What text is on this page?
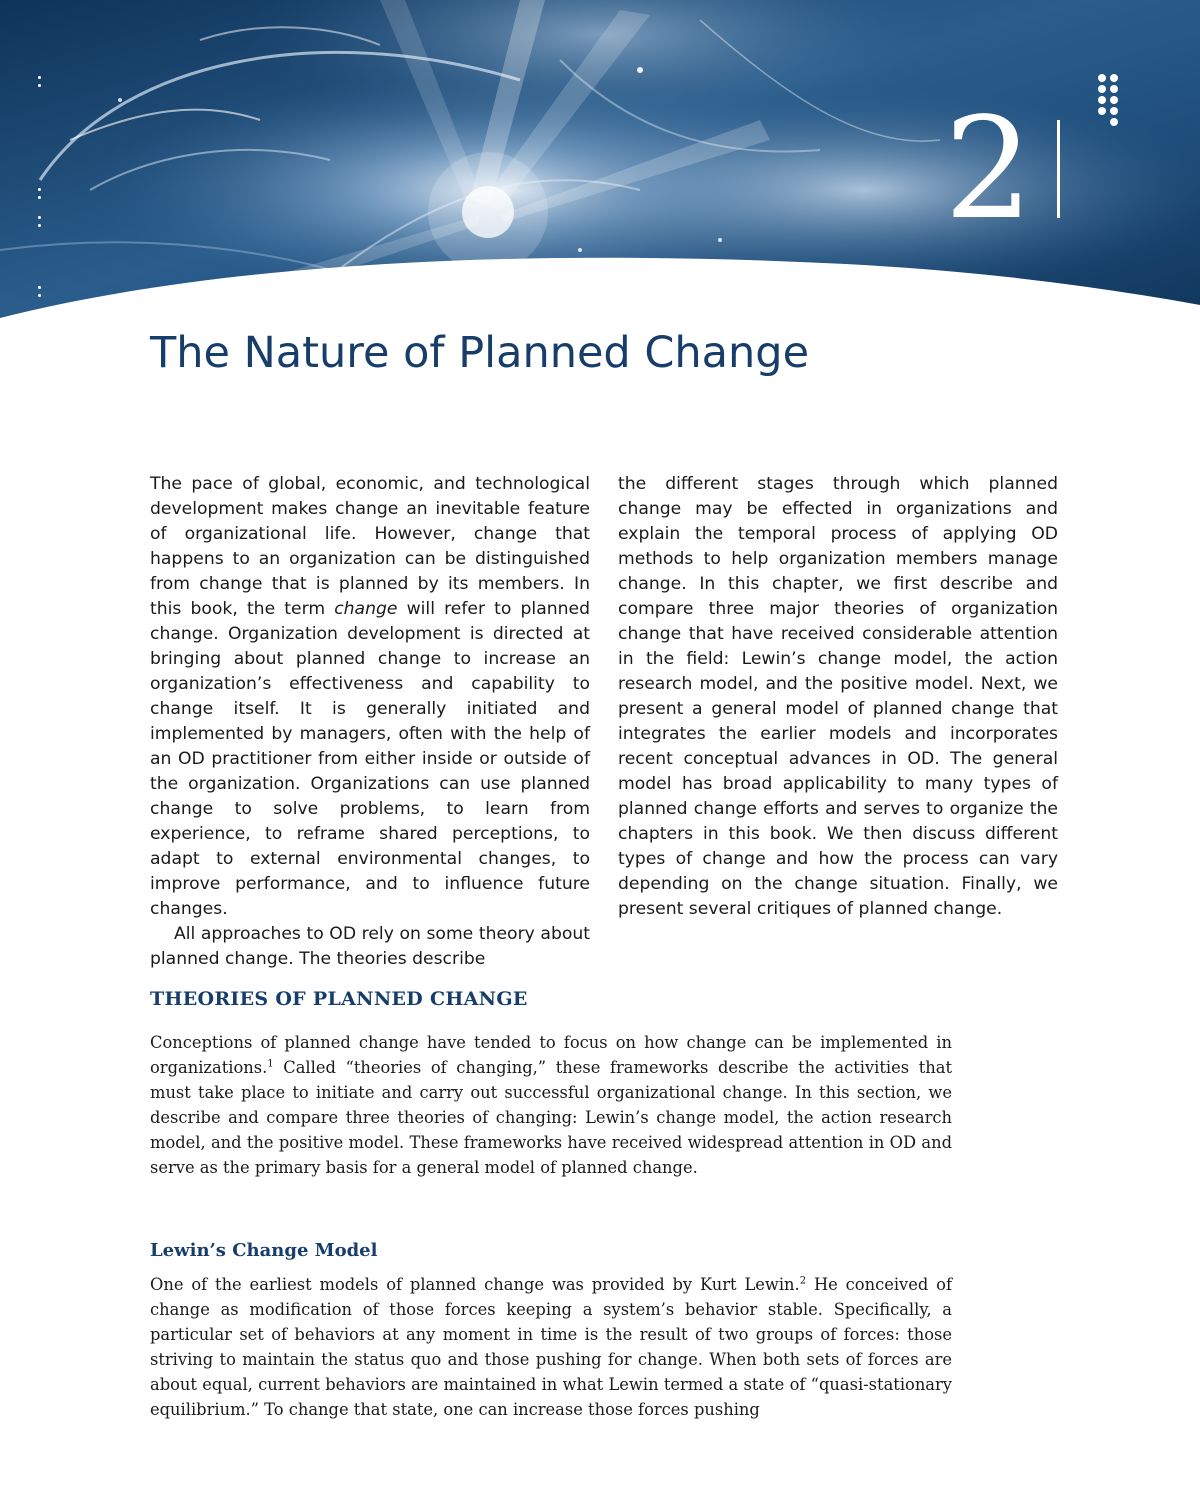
2
The Nature of Planned Change

The pace of global, economic, and technological development makes change an inevitable feature of organizational life. However, change that happens to an organization can be distinguished from change that is planned by its members. In this book, the term change will refer to planned change. Organization development is directed at bringing about planned change to increase an organization’s effectiveness and capability to change itself. It is generally initiated and implemented by managers, often with the help of an OD practitioner from either inside or outside of the organization. Organizations can use planned change to solve problems, to learn from experience, to reframe shared perceptions, to adapt to external environmental changes, to improve performance, and to influence future changes.

All approaches to OD rely on some theory about planned change. The theories describe

the different stages through which planned change may be effected in organizations and explain the temporal process of applying OD methods to help organization members manage change. In this chapter, we first describe and compare three major theories of organization change that have received considerable attention in the field: Lewin’s change model, the action research model, and the positive model. Next, we present a general model of planned change that integrates the earlier models and incorporates recent conceptual advances in OD. The general model has broad applicability to many types of planned change efforts and serves to organize the chapters in this book. We then discuss different types of change and how the process can vary depending on the change situation. Finally, we present several critiques of planned change.

THEORIES OF PLANNED CHANGE

Conceptions of planned change have tended to focus on how change can be implemented in organizations.$^1$ Called “theories of changing,” these frameworks describe the activities that must take place to initiate and carry out successful organizational change. In this section, we describe and compare three theories of changing: Lewin’s change model, the action research model, and the positive model. These frameworks have received widespread attention in OD and serve as the primary basis for a general model of planned change.

Lewin’s Change Model

One of the earliest models of planned change was provided by Kurt Lewin.$^2$ He conceived of change as modification of those forces keeping a system’s behavior stable. Specifically, a particular set of behaviors at any moment in time is the result of two groups of forces: those striving to maintain the status quo and those pushing for change. When both sets of forces are about equal, current behaviors are maintained in what Lewin termed a state of “quasi-stationary equilibrium.” To change that state, one can increase those forces pushing
